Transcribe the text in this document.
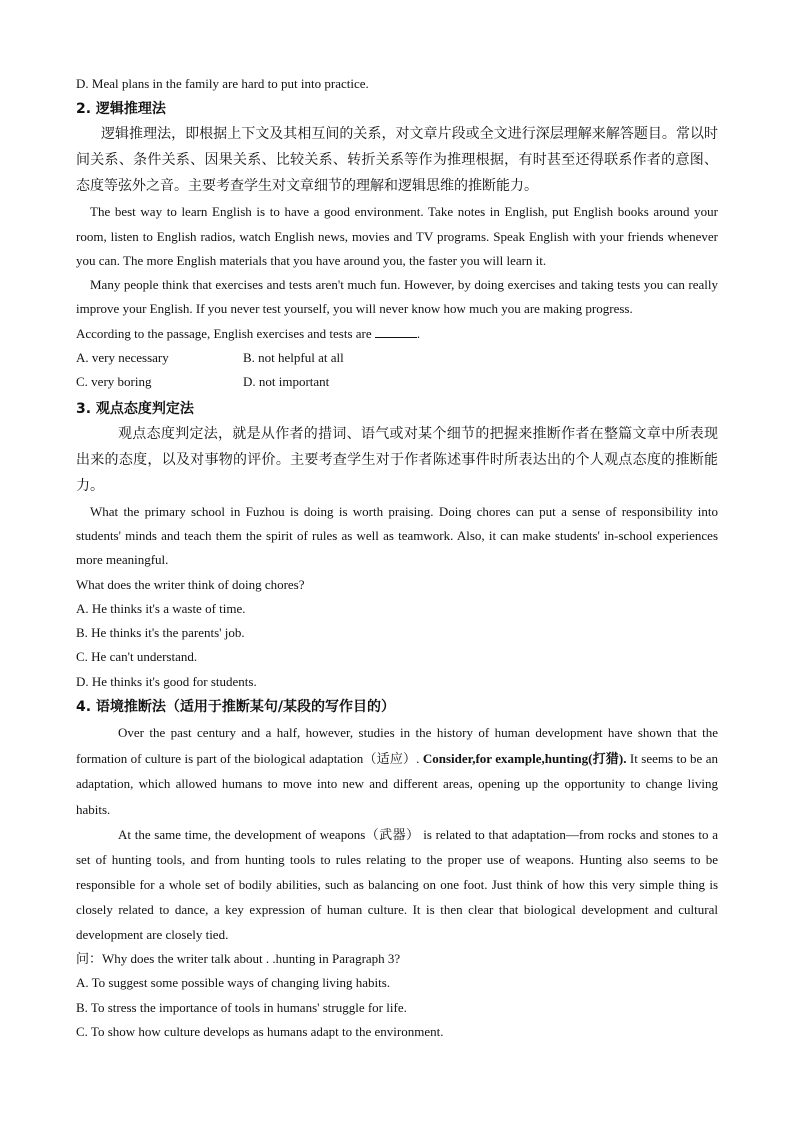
D. Meal plans in the family are hard to put into practice.

2. 逻辑推理法

逻辑推理法，即根据上下文及其相互间的关系，对文章片段或全文进行深层理解来解答题目。常以时间关系、条件关系、因果关系、比较关系、转折关系等作为推理根据，有时甚至还得联系作者的意图、态度等弦外之音。主要考查学生对文章细节的理解和逻辑思维的推断能力。

The best way to learn English is to have a good environment. Take notes in English, put English books around your room, listen to English radios, watch English news, movies and TV programs. Speak English with your friends whenever you can. The more English materials that you have around you, the faster you will learn it.

Many people think that exercises and tests aren't much fun. However, by doing exercises and taking tests you can really improve your English. If you never test yourself, you will never know how much you are making progress.

According to the passage, English exercises and tests are	.

A. very necessary	B. not helpful at all
C. very boring	D. not important

3. 观点态度判定法

观点态度判定法，就是从作者的措词、语气或对某个细节的把握来推断作者在整篇文章中所表现出来的态度，以及对事物的评价。主要考查学生对于作者陈述事件时所表达出的个人观点态度的推断能力。

What the primary school in Fuzhou is doing is worth praising. Doing chores can put a sense of responsibility into students' minds and teach them the spirit of rules as well as teamwork. Also, it can make students' in-school experiences more meaningful.

What does the writer think of doing chores?

A. He thinks it's a waste of time.

B. He thinks it's the parents' job.

C. He can't understand.

D. He thinks it's good for students.

4. 语境推断法（适用于推断某句/某段的写作目的）

Over the past century and a half, however, studies in the history of human development have shown that the formation of culture is part of the biological adaptation（适应）. Consider,for example,hunting(打猎). It seems to be an adaptation, which allowed humans to move into new and different areas, opening up the opportunity to change living habits.

At the same time, the development of weapons（武器） is related to that adaptation—from rocks and stones to a set of hunting tools, and from hunting tools to rules relating to the proper use of weapons. Hunting also seems to be responsible for a whole set of bodily abilities, such as balancing on one foot. Just think of how this very simple thing is closely related to dance, a key expression of human culture. It is then clear that biological development and cultural development are closely tied.

问：Why does the writer talk about . .hunting in Paragraph 3?

A. To suggest some possible ways of changing living habits.

B. To stress the importance of tools in humans' struggle for life.

C. To show how culture develops as humans adapt to the environment.
